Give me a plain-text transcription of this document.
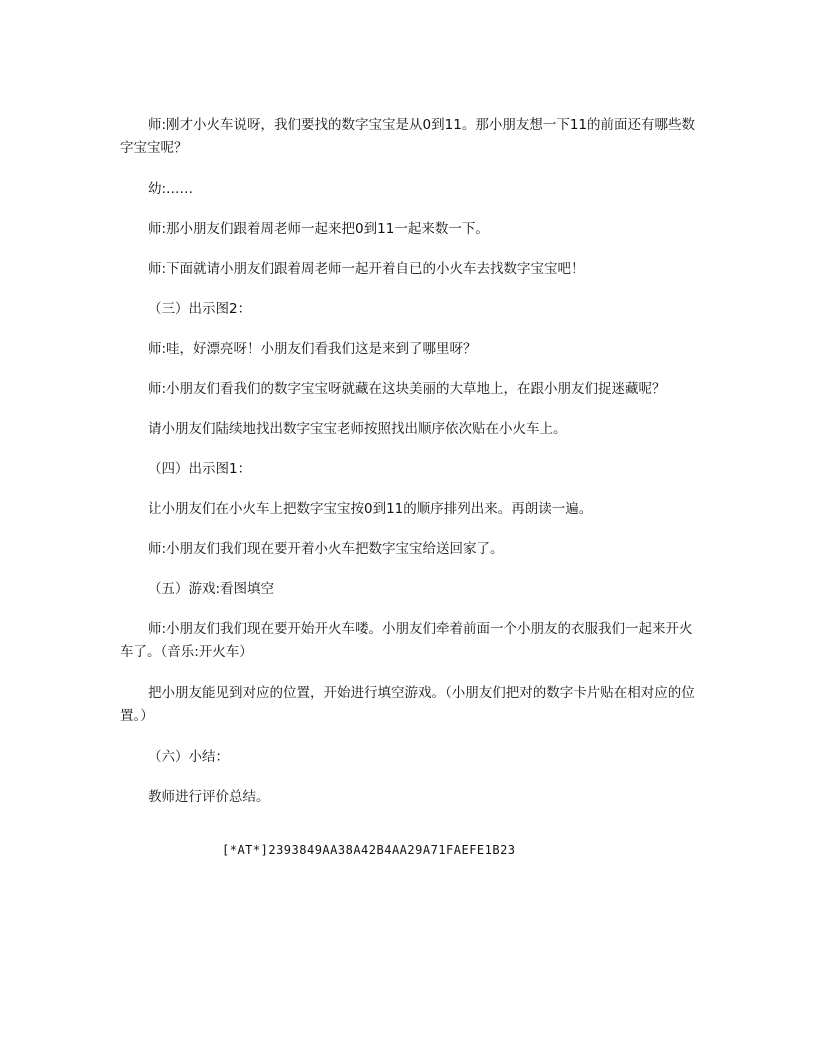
师:刚才小火车说呀，我们要找的数字宝宝是从0到11。那小朋友想一下11的前面还有哪些数字宝宝呢？

幼:……

师:那小朋友们跟着周老师一起来把0到11一起来数一下。

师:下面就请小朋友们跟着周老师一起开着自已的小火车去找数字宝宝吧！

（三）出示图2：

师:哇，好漂亮呀！小朋友们看我们这是来到了哪里呀？

师:小朋友们看我们的数字宝宝呀就藏在这块美丽的大草地上，在跟小朋友们捉迷藏呢？

请小朋友们陆续地找出数字宝宝老师按照找出顺序依次贴在小火车上。

（四）出示图1：

让小朋友们在小火车上把数字宝宝按0到11的顺序排列出来。再朗读一遍。

师:小朋友们我们现在要开着小火车把数字宝宝给送回家了。

（五）游戏:看图填空

师:小朋友们我们现在要开始开火车喽。小朋友们牵着前面一个小朋友的衣服我们一起来开火车了。（音乐:开火车）

把小朋友能见到对应的位置，开始进行填空游戏。（小朋友们把对的数字卡片贴在相对应的位置。）

（六）小结：

教师进行评价总结。

[*AT*]2393849AA38A42B4AA29A71FAEFE1B23
